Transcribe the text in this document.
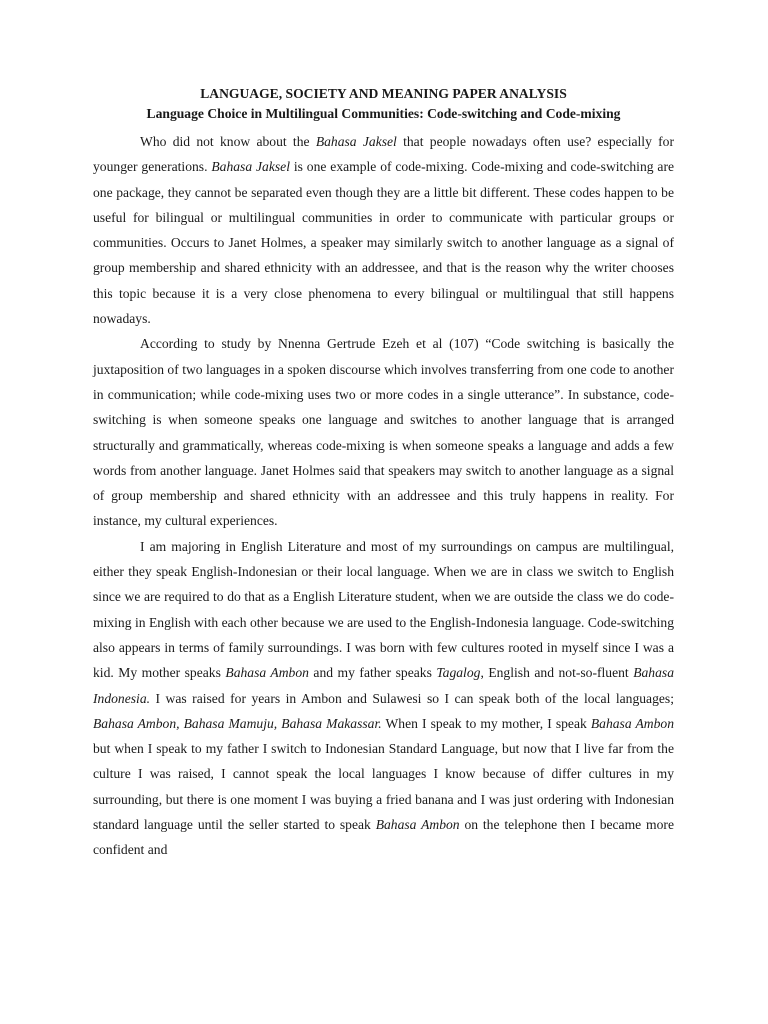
LANGUAGE, SOCIETY AND MEANING PAPER ANALYSIS

Language Choice in Multilingual Communities: Code-switching and Code-mixing

Who did not know about the Bahasa Jaksel that people nowadays often use? especially for younger generations. Bahasa Jaksel is one example of code-mixing. Code-mixing and code-switching are one package, they cannot be separated even though they are a little bit different. These codes happen to be useful for bilingual or multilingual communities in order to communicate with particular groups or communities. Occurs to Janet Holmes, a speaker may similarly switch to another language as a signal of group membership and shared ethnicity with an addressee, and that is the reason why the writer chooses this topic because it is a very close phenomena to every bilingual or multilingual that still happens nowadays.

According to study by Nnenna Gertrude Ezeh et al (107) “Code switching is basically the juxtaposition of two languages in a spoken discourse which involves transferring from one code to another in communication; while code-mixing uses two or more codes in a single utterance”. In substance, code-switching is when someone speaks one language and switches to another language that is arranged structurally and grammatically, whereas code-mixing is when someone speaks a language and adds a few words from another language. Janet Holmes said that speakers may switch to another language as a signal of group membership and shared ethnicity with an addressee and this truly happens in reality. For instance, my cultural experiences.

I am majoring in English Literature and most of my surroundings on campus are multilingual, either they speak English-Indonesian or their local language. When we are in class we switch to English since we are required to do that as a English Literature student, when we are outside the class we do code-mixing in English with each other because we are used to the English-Indonesia language. Code-switching also appears in terms of family surroundings. I was born with few cultures rooted in myself since I was a kid. My mother speaks Bahasa Ambon and my father speaks Tagalog, English and not-so-fluent Bahasa Indonesia. I was raised for years in Ambon and Sulawesi so I can speak both of the local languages; Bahasa Ambon, Bahasa Mamuju, Bahasa Makassar. When I speak to my mother, I speak Bahasa Ambon but when I speak to my father I switch to Indonesian Standard Language, but now that I live far from the culture I was raised, I cannot speak the local languages I know because of differ cultures in my surrounding, but there is one moment I was buying a fried banana and I was just ordering with Indonesian standard language until the seller started to speak Bahasa Ambon on the telephone then I became more confident and
